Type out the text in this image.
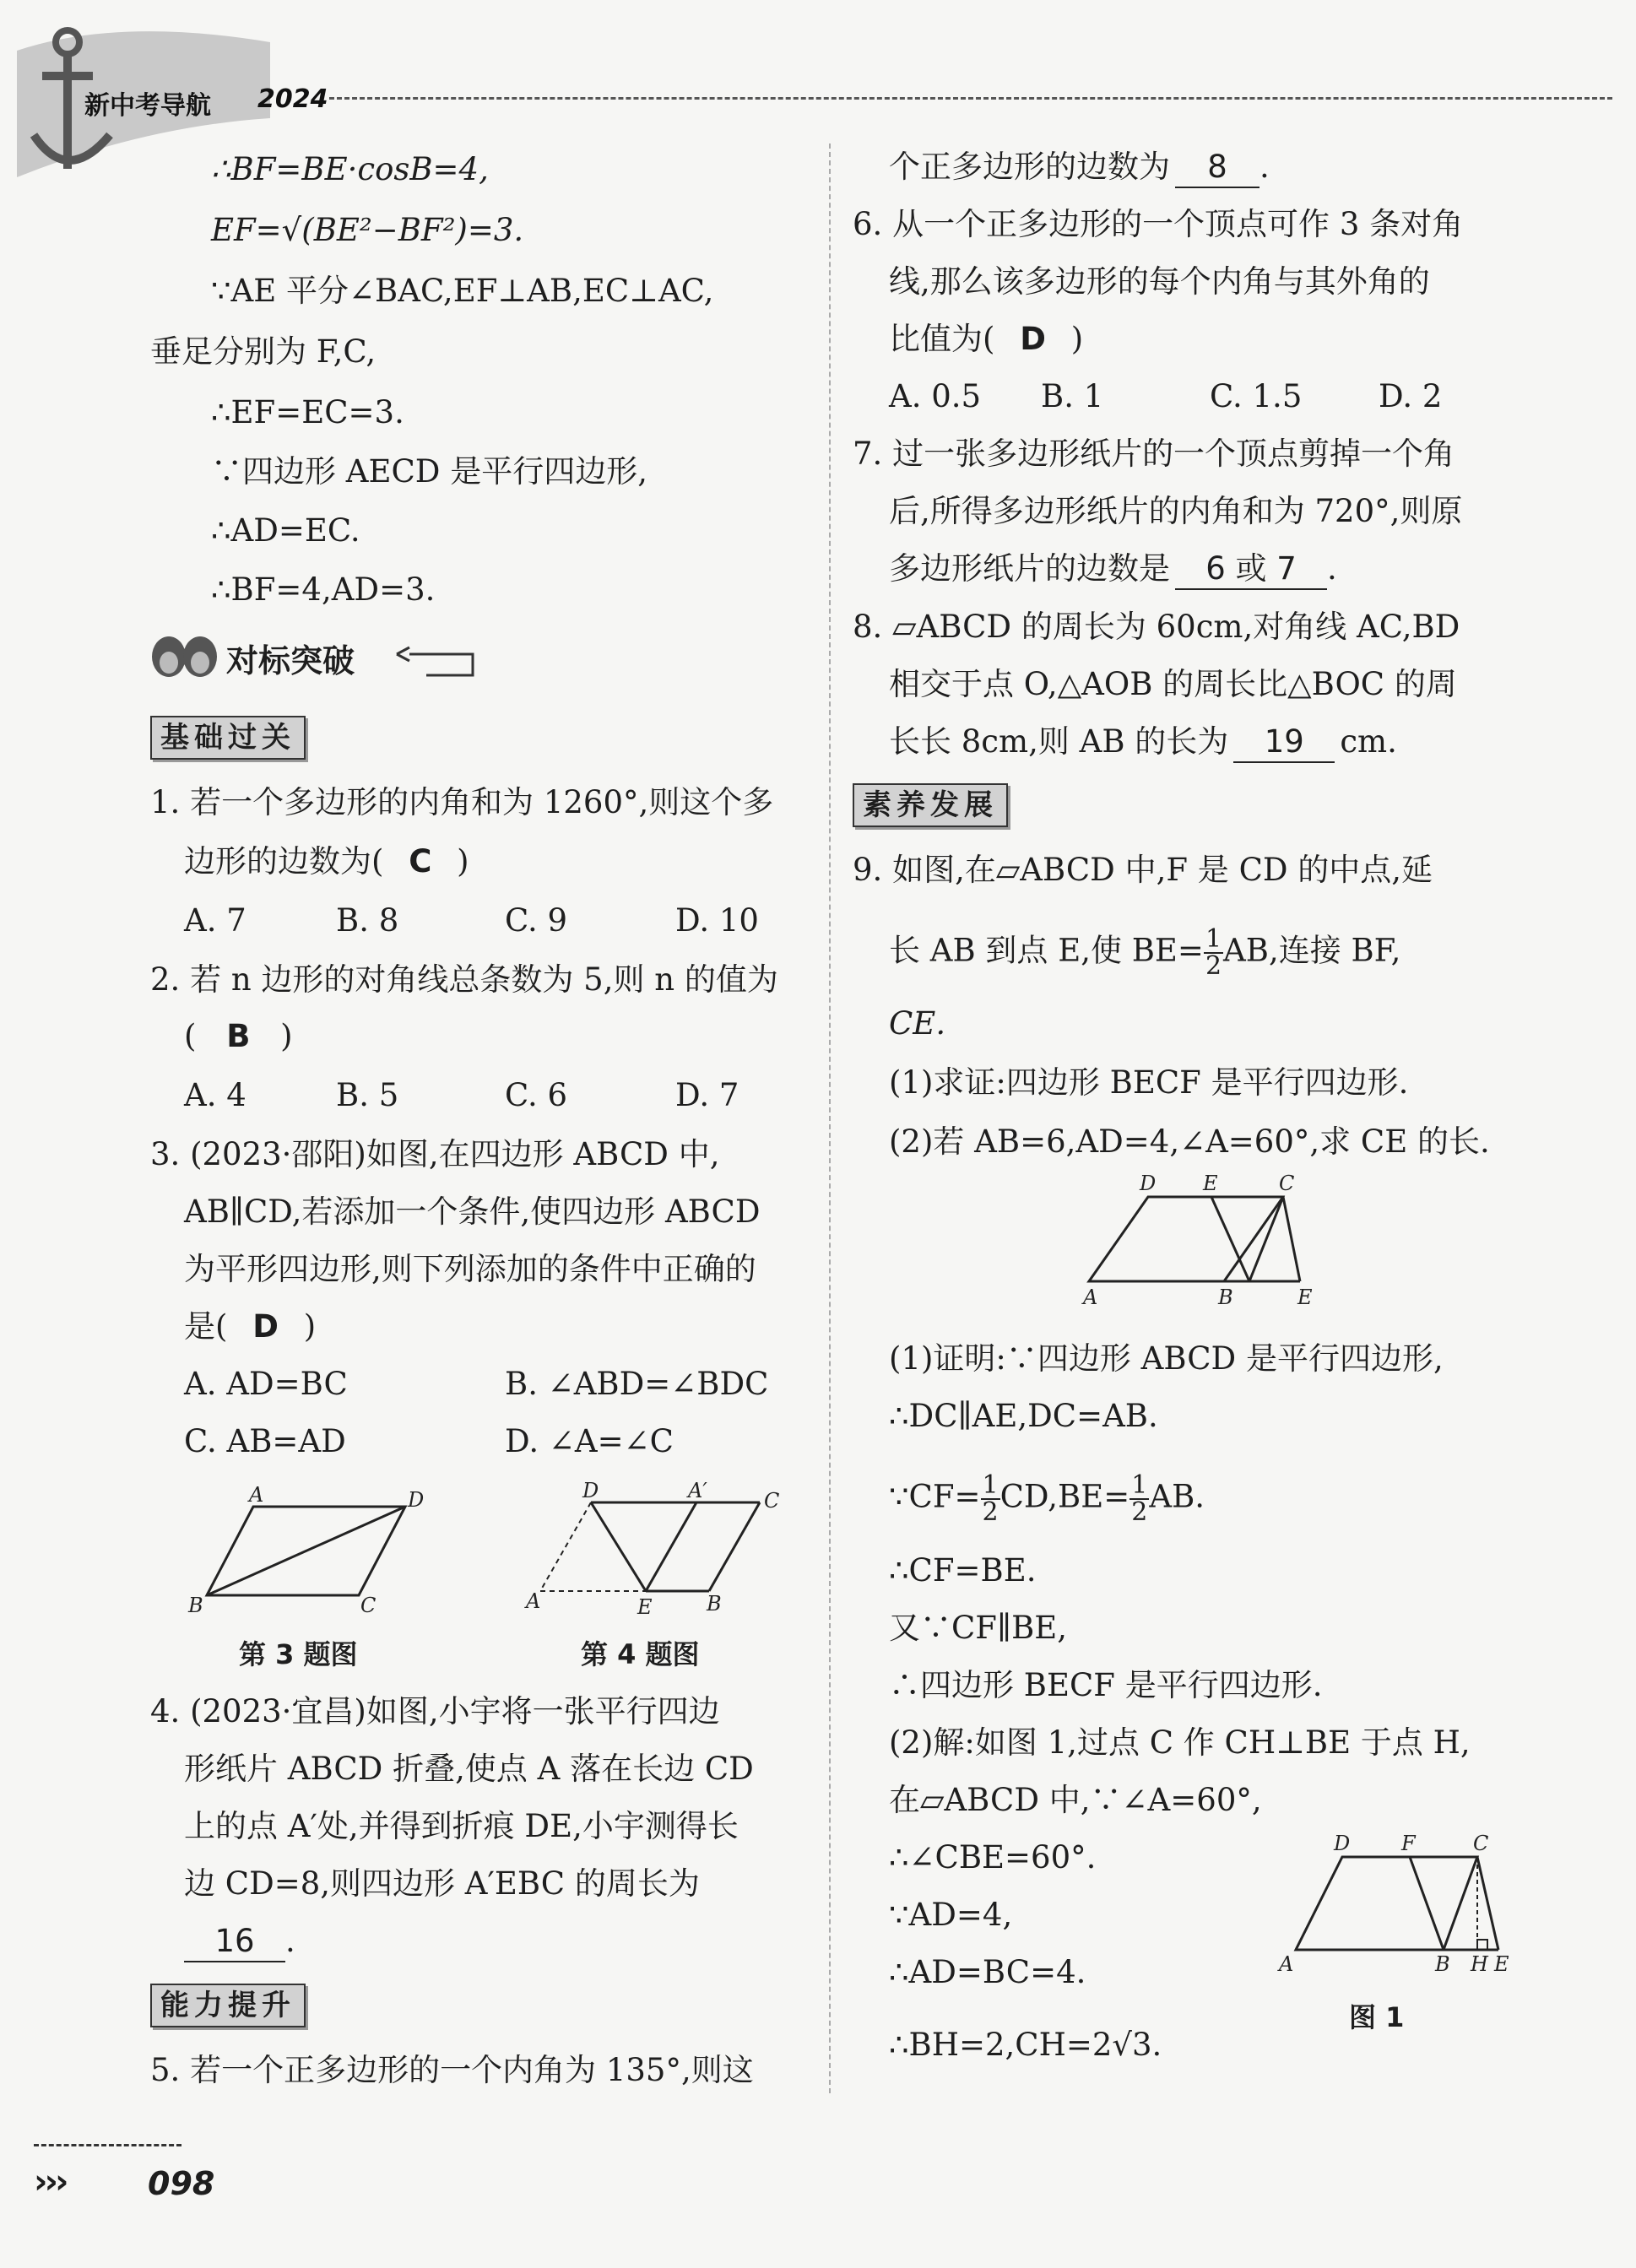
新中考导航 2024
∴BF=BE·cosB=4,
EF=√(BE²−BF²)=3.
∵AE 平分∠BAC,EF⊥AB,EC⊥AC,
垂足分别为 F,C,
∴EF=EC=3.
∵四边形 AECD 是平行四边形,
∴AD=EC.
∴BF=4,AD=3.
对标突破
基础过关
1. 若一个多边形的内角和为 1260°,则这个多
边形的边数为( C )
A. 7	B. 8	C. 9	D. 10
2. 若 n 边形的对角线总条数为 5,则 n 的值为
( B )
A. 4	B. 5	C. 6	D. 7
3. (2023·邵阳)如图,在四边形 ABCD 中,
AB∥CD,若添加一个条件,使四边形 ABCD
为平形四边形,则下列添加的条件中正确的
是( D )
A. AD=BC	B. ∠ABD=∠BDC
C. AB=AD	D. ∠A=∠C
A	D
B	C
D	A′	C
A	E	B
第 3 题图	第 4 题图
4. (2023·宜昌)如图,小宇将一张平行四边
形纸片 ABCD 折叠,使点 A 落在长边 CD
上的点 A′处,并得到折痕 DE,小宇测得长
边 CD=8,则四边形 A′EBC 的周长为
16 .
能力提升
5. 若一个正多边形的一个内角为 135°,则这
个正多边形的边数为 8 .
6. 从一个正多边形的一个顶点可作 3 条对角
线,那么该多边形的每个内角与其外角的
比值为( D )
A. 0.5 B. 1	C. 1.5 D. 2
7. 过一张多边形纸片的一个顶点剪掉一个角
后,所得多边形纸片的内角和为 720°,则原
多边形纸片的边数是 6 或 7 .
8. ▱ABCD 的周长为 60cm,对角线 AC,BD
相交于点 O,△AOB 的周长比△BOC 的周
长长 8cm,则 AB 的长为 19 cm.
素养发展
9. 如图,在▱ABCD 中,F 是 CD 的中点,延
长 AB 到点 E,使 $BE= \frac{1}{2}$ AB,连接 BF,
CE.
(1)求证:四边形 BECF 是平行四边形.
(2)若 AB=6,AD=4,∠A=60°,求 CE 的长.
D E	C
A	B	E
(1)证明:∵四边形 ABCD 是平行四边形,
∴DC∥AE,DC=AB.
∵CF= $\frac{1}{2} CD,BE= \frac{1}{2}$ AB.
∴CF=BE.
又∵CF∥BE,
∴四边形 BECF 是平行四边形.
(2)解:如图 1,过点 C 作 CH⊥BE 于点 H,
在▱ABCD 中,∵∠A=60°,
∴∠CBE=60°.
∵AD=4,
∴AD=BC=4.
∴BH=2,CH=2√3.
D	F	C
A	B H E
图 1
›››	098
